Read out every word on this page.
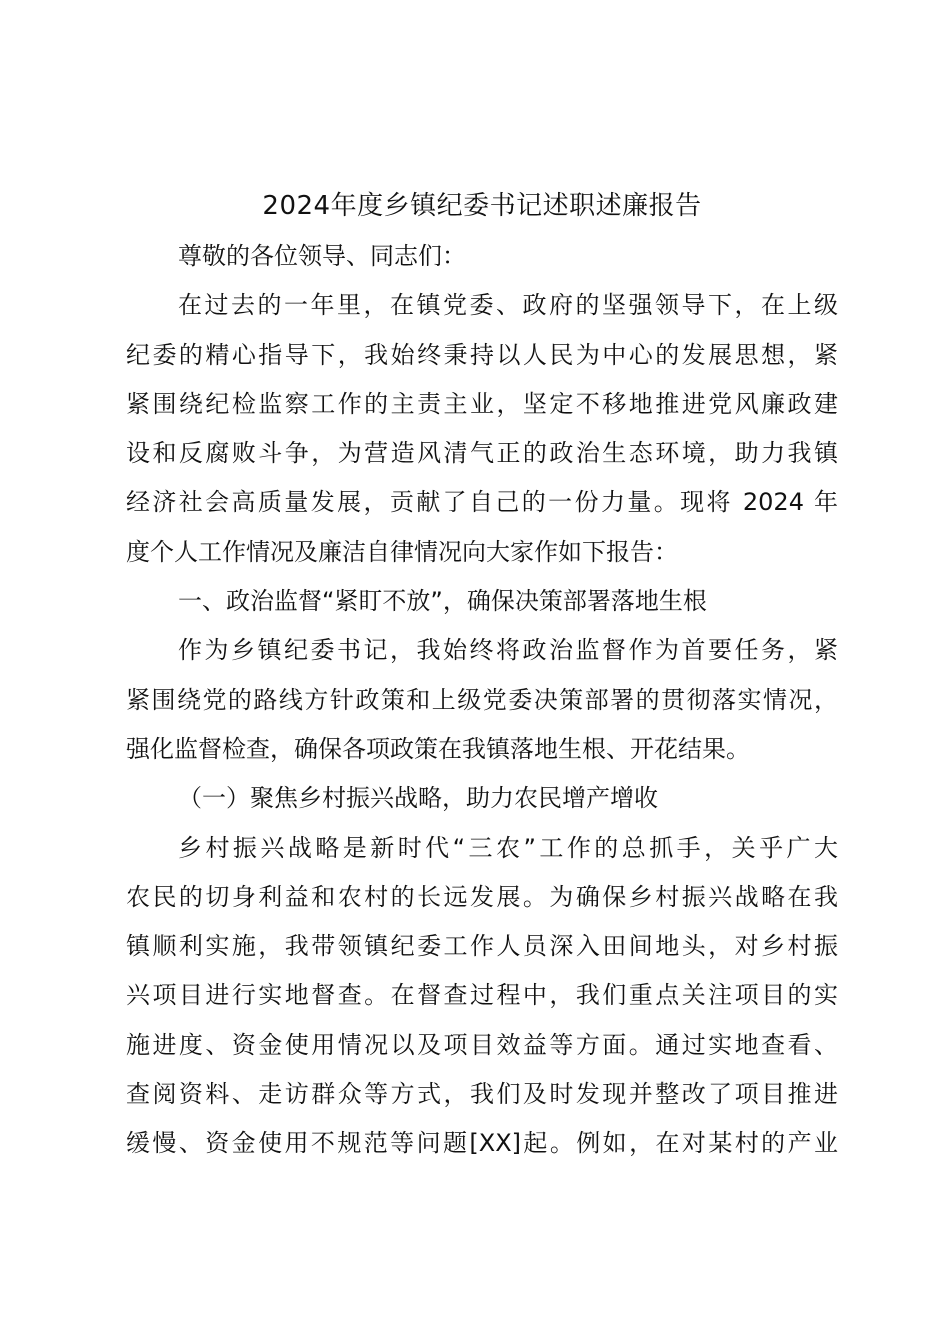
2024年度乡镇纪委书记述职述廉报告
尊敬的各位领导、同志们：
在过去的一年里，在镇党委、政府的坚强领导下，在上级
纪委的精心指导下，我始终秉持以人民为中心的发展思想，紧
紧围绕纪检监察工作的主责主业，坚定不移地推进党风廉政建
设和反腐败斗争，为营造风清气正的政治生态环境，助力我镇
经济社会高质量发展，贡献了自己的一份力量。现将 2024 年
度个人工作情况及廉洁自律情况向大家作如下报告：
一、政治监督“紧盯不放”，确保决策部署落地生根
作为乡镇纪委书记，我始终将政治监督作为首要任务，紧
紧围绕党的路线方针政策和上级党委决策部署的贯彻落实情况，
强化监督检查，确保各项政策在我镇落地生根、开花结果。
（一）聚焦乡村振兴战略，助力农民增产增收
乡村振兴战略是新时代“三农”工作的总抓手，关乎广大
农民的切身利益和农村的长远发展。为确保乡村振兴战略在我
镇顺利实施，我带领镇纪委工作人员深入田间地头，对乡村振
兴项目进行实地督查。在督查过程中，我们重点关注项目的实
施进度、资金使用情况以及项目效益等方面。通过实地查看、
查阅资料、走访群众等方式，我们及时发现并整改了项目推进
缓慢、资金使用不规范等问题[XX]起。例如，在对某村的产业
